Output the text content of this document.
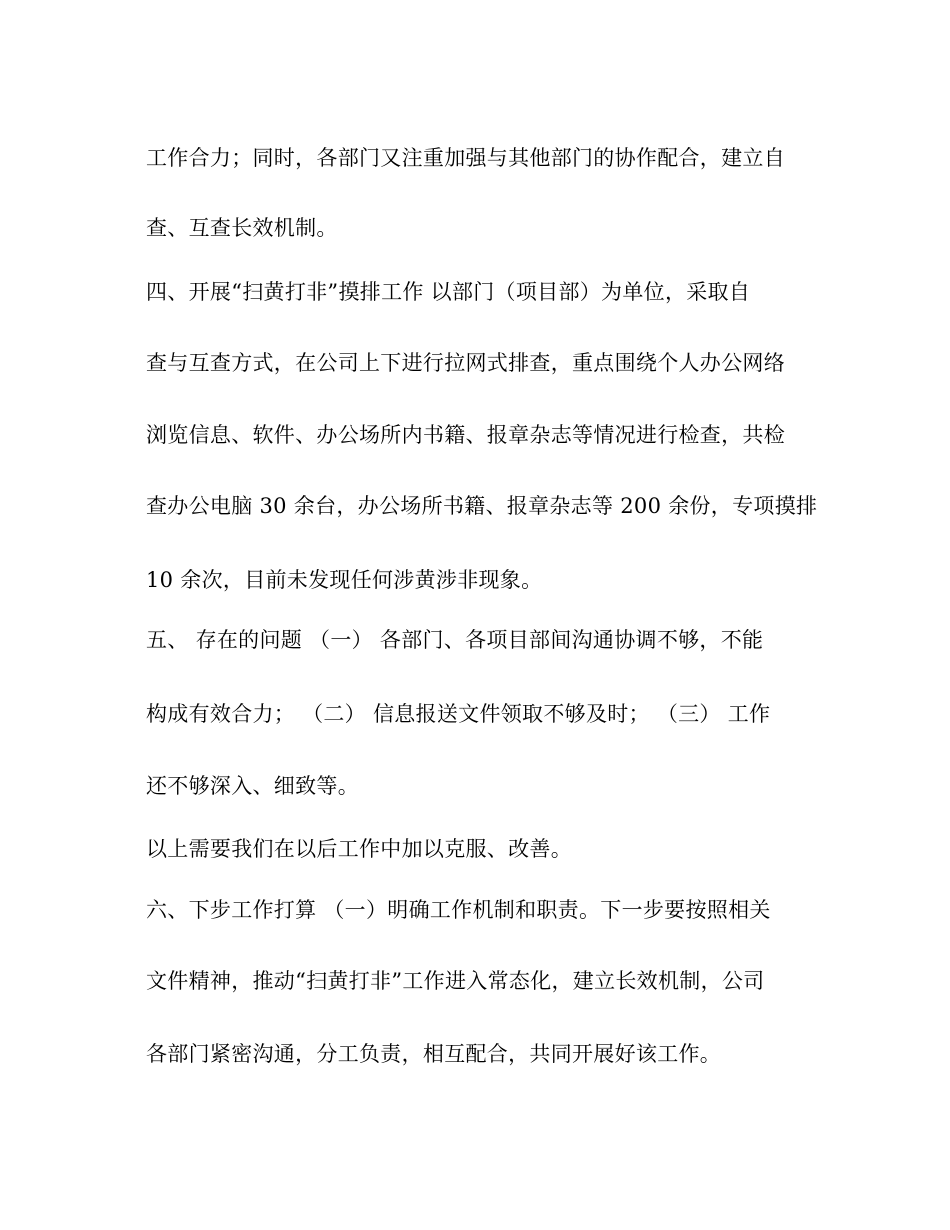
工作合力；同时，各部门又注重加强与其他部门的协作配合，建立自
查、互查长效机制。
四、开展“扫黄打非”摸排工作 以部门（项目部）为单位，采取自
查与互查方式，在公司上下进行拉网式排查，重点围绕个人办公网络
浏览信息、软件、办公场所内书籍、报章杂志等情况进行检查，共检
查办公电脑 30 余台，办公场所书籍、报章杂志等 200 余份，专项摸排
10 余次，目前未发现任何涉黄涉非现象。
五、 存在的问题 （一） 各部门、各项目部间沟通协调不够，不能
构成有效合力； （二） 信息报送文件领取不够及时； （三） 工作
还不够深入、细致等。
以上需要我们在以后工作中加以克服、改善。
六、下步工作打算 （一）明确工作机制和职责。下一步要按照相关
文件精神，推动“扫黄打非”工作进入常态化，建立长效机制，公司
各部门紧密沟通，分工负责，相互配合，共同开展好该工作。
